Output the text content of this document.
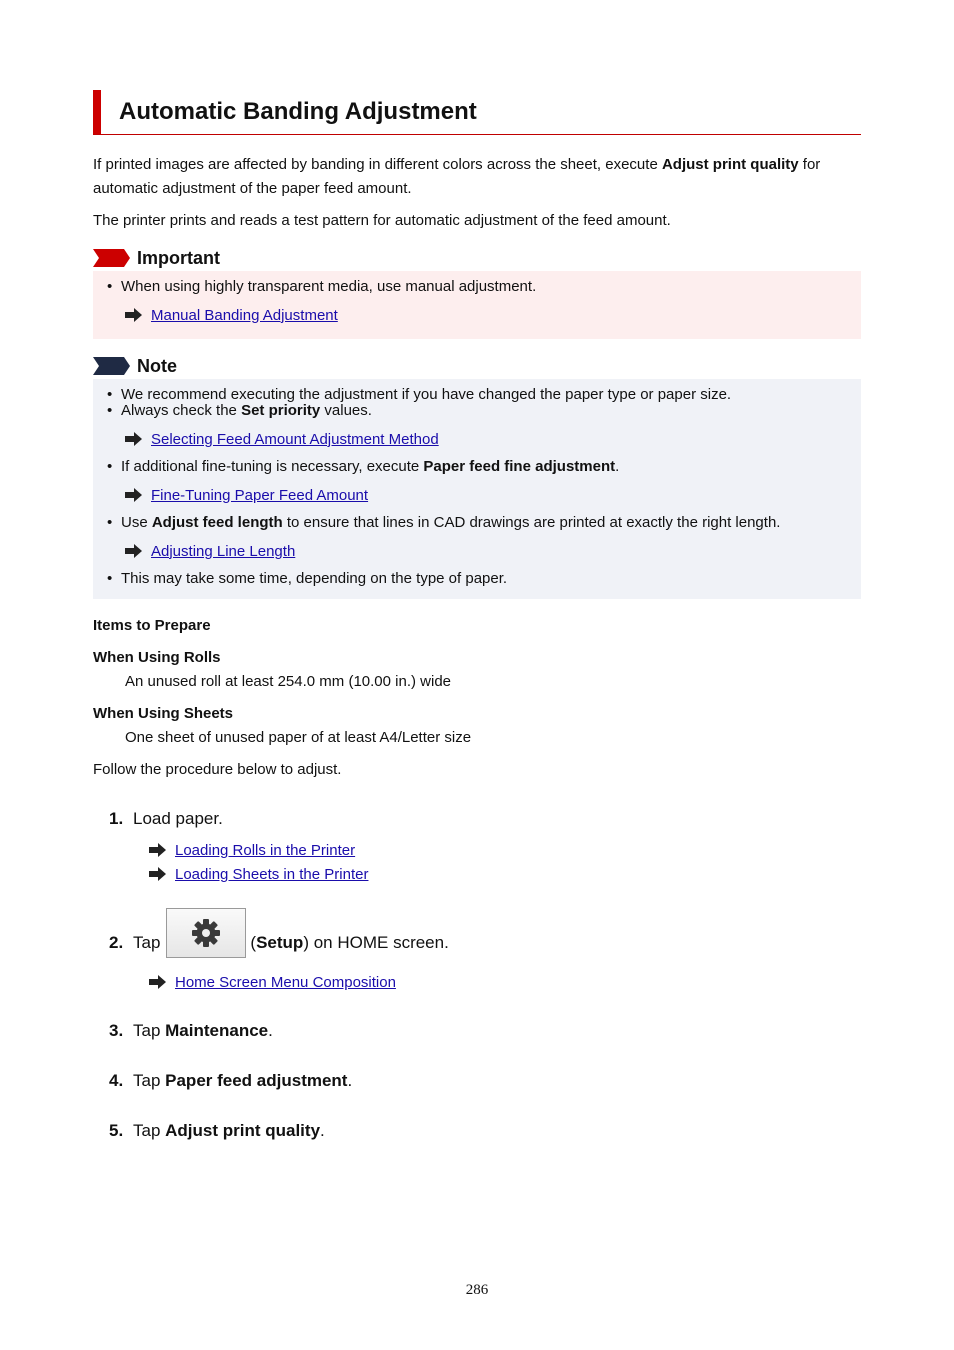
Automatic Banding Adjustment

If printed images are affected by banding in different colors across the sheet, execute Adjust print quality for automatic adjustment of the paper feed amount.

The printer prints and reads a test pattern for automatic adjustment of the feed amount.

Important
• When using highly transparent media, use manual adjustment.
Manual Banding Adjustment
Note
• We recommend executing the adjustment if you have changed the paper type or paper size.
• Always check the Set priority values.
Selecting Feed Amount Adjustment Method
• If additional fine-tuning is necessary, execute Paper feed fine adjustment.
Fine-Tuning Paper Feed Amount
• Use Adjust feed length to ensure that lines in CAD drawings are printed at exactly the right length.
Adjusting Line Length
• This may take some time, depending on the type of paper.
Items to Prepare
When Using Rolls
An unused roll at least 254.0 mm (10.00 in.) wide
When Using Sheets
One sheet of unused paper of at least A4/Letter size

Follow the procedure below to adjust.

1. Load paper.
Loading Rolls in the Printer
Loading Sheets in the Printer
2. Tap	(Setup) on HOME screen.
Home Screen Menu Composition
3. Tap Maintenance.
4. Tap Paper feed adjustment.
5. Tap Adjust print quality.
286
